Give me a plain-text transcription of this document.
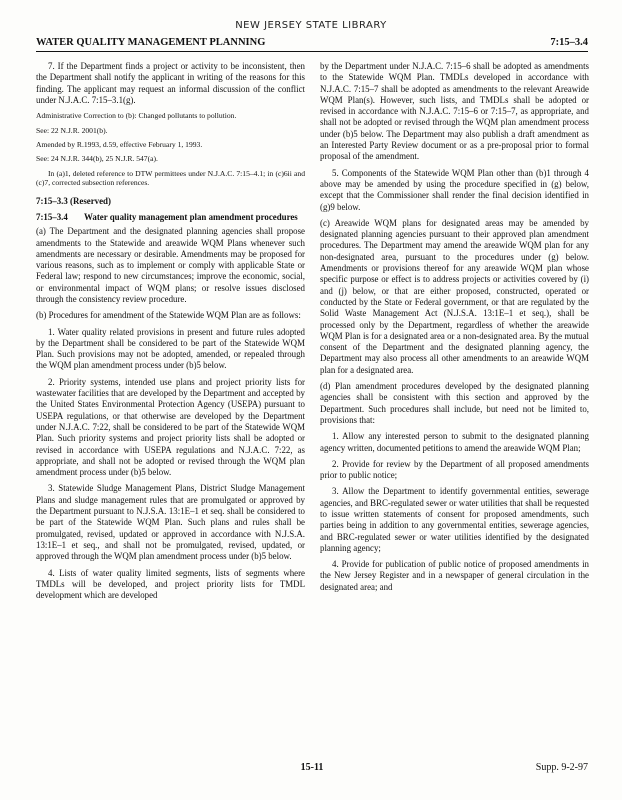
NEW JERSEY STATE LIBRARY
WATER QUALITY MANAGEMENT PLANNING	7:15–3.4

7. If the Department finds a project or activity to be inconsistent, then the Department shall notify the applicant in writing of the reasons for this finding. The applicant may request an informal discussion of the conflict under N.J.A.C. 7:15–3.1(g).

Administrative Correction to (b): Changed pollutants to pollution.

See: 22 N.J.R. 2001(b).

Amended by R.1993, d.59, effective February 1, 1993.

See: 24 N.J.R. 344(b), 25 N.J.R. 547(a).

In (a)1, deleted reference to DTW permittees under N.J.A.C. 7:15–4.1; in (c)6ii and (c)7, corrected subsection references.

7:15–3.3 (Reserved)

7:15–3.4	Water quality management plan amendment procedures

(a) The Department and the designated planning agencies shall propose amendments to the Statewide and areawide WQM Plans whenever such amendments are necessary or desirable. Amendments may be proposed for various reasons, such as to implement or comply with applicable State or Federal law; respond to new circumstances; improve the economic, social, or environmental impact of WQM plans; or resolve issues disclosed through the consistency review procedure.

(b) Procedures for amendment of the Statewide WQM Plan are as follows:

1. Water quality related provisions in present and future rules adopted by the Department shall be considered to be part of the Statewide WQM Plan. Such provisions may not be adopted, amended, or repealed through the WQM plan amendment process under (b)5 below.

2. Priority systems, intended use plans and project priority lists for wastewater facilities that are developed by the Department and accepted by the United States Environmental Protection Agency (USEPA) pursuant to USEPA regulations, or that otherwise are developed by the Department under N.J.A.C. 7:22, shall be considered to be part of the Statewide WQM Plan. Such priority systems and project priority lists shall be adopted or revised in accordance with USEPA regulations and N.J.A.C. 7:22, as appropriate, and shall not be adopted or revised through the WQM plan amendment process under (b)5 below.

3. Statewide Sludge Management Plans, District Sludge Management Plans and sludge management rules that are promulgated or approved by the Department pursuant to N.J.S.A. 13:1E–1 et seq. shall be considered to be part of the Statewide WQM Plan. Such plans and rules shall be promulgated, revised, updated or approved in accordance with N.J.S.A. 13:1E–1 et seq., and shall not be promulgated, revised, updated, or approved through the WQM plan amendment process under (b)5 below.

4. Lists of water quality limited segments, lists of segments where TMDLs will be developed, and project priority lists for TMDL development which are developed

by the Department under N.J.A.C. 7:15–6 shall be adopted as amendments to the Statewide WQM Plan. TMDLs developed in accordance with N.J.A.C. 7:15–7 shall be adopted as amendments to the relevant Areawide WQM Plan(s). However, such lists, and TMDLs shall be adopted or revised in accordance with N.J.A.C. 7:15–6 or 7:15–7, as appropriate, and shall not be adopted or revised through the WQM plan amendment process under (b)5 below. The Department may also publish a draft amendment as an Interested Party Review document or as a pre-proposal prior to formal proposal of the amendment.

5. Components of the Statewide WQM Plan other than (b)1 through 4 above may be amended by using the procedure specified in (g) below, except that the Commissioner shall render the final decision identified in (g)9 below.

(c) Areawide WQM plans for designated areas may be amended by designated planning agencies pursuant to their approved plan amendment procedures. The Department may amend the areawide WQM plan for any non-designated area, pursuant to the procedures under (g) below. Amendments or provisions thereof for any areawide WQM plan whose specific purpose or effect is to address projects or activities covered by (i) and (j) below, or that are either proposed, constructed, operated or conducted by the State or Federal government, or that are regulated by the Solid Waste Management Act (N.J.S.A. 13:1E–1 et seq.), shall be processed only by the Department, regardless of whether the areawide WQM Plan is for a designated area or a non-designated area. By the mutual consent of the Department and the designated planning agency, the Department may also process all other amendments to an areawide WQM plan for a designated area.

(d) Plan amendment procedures developed by the designated planning agencies shall be consistent with this section and approved by the Department. Such procedures shall include, but need not be limited to, provisions that:

1. Allow any interested person to submit to the designated planning agency written, documented petitions to amend the areawide WQM Plan;

2. Provide for review by the Department of all proposed amendments prior to public notice;

3. Allow the Department to identify governmental entities, sewerage agencies, and BRC-regulated sewer or water utilities that shall be requested to issue written statements of consent for proposed amendments, such parties being in addition to any governmental entities, sewerage agencies, and BRC-regulated sewer or water utilities identified by the designated planning agency;

4. Provide for publication of public notice of proposed amendments in the New Jersey Register and in a newspaper of general circulation in the designated area; and

15-11	Supp. 9-2-97
